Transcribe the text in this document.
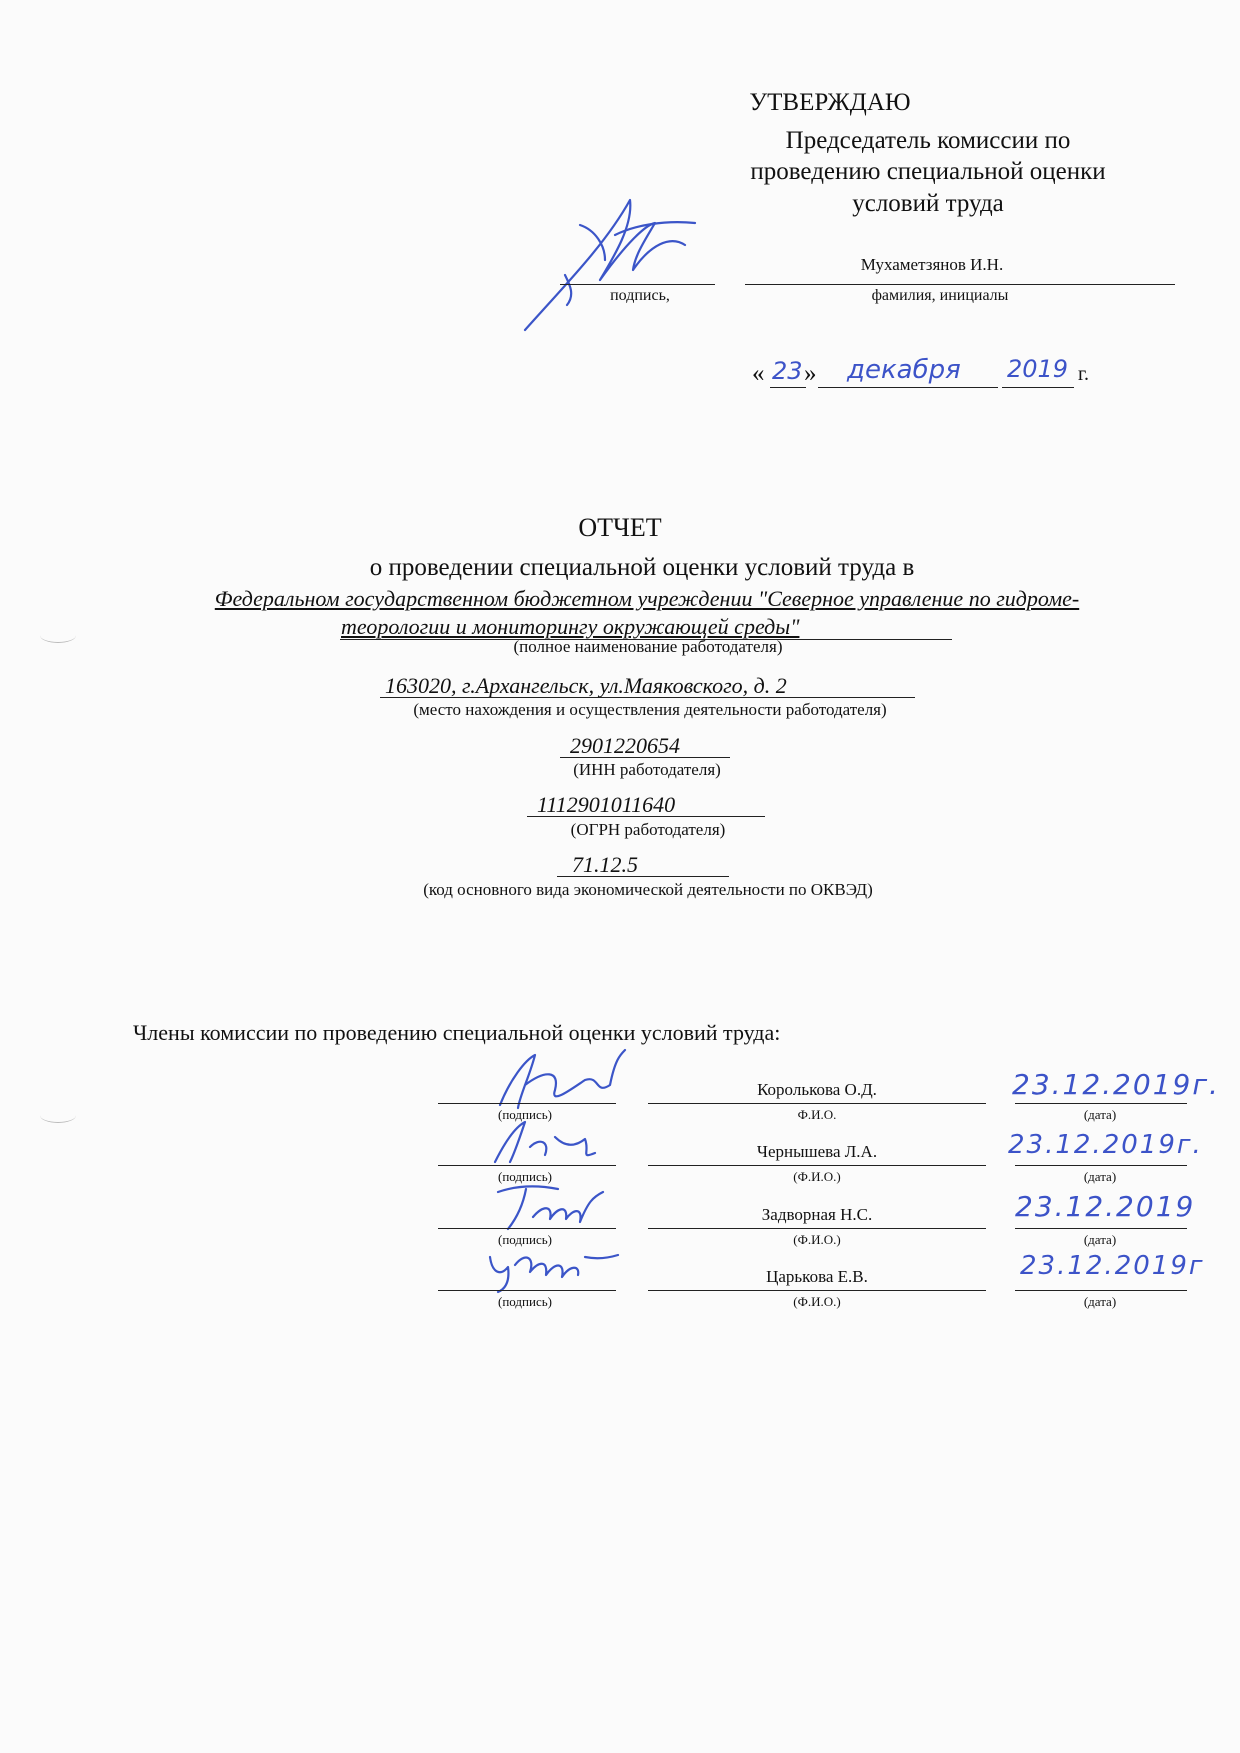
УТВЕРЖДАЮ
Председатель комиссии по
проведению специальной оценки
условий труда
Мухаметзянов И.Н.
подпись,	фамилия, инициалы
« 23 » декабря 2019 г.
ОТЧЕТ
о проведении специальной оценки условий труда в
Федеральном государственном бюджетном учреждении "Северное управление по гидроме-
теорологии и мониторингу окружающей среды"
(полное наименование работодателя)
163020, г.Архангельск, ул.Маяковского, д. 2
(место нахождения и осуществления деятельности работодателя)
2901220654
(ИНН работодателя)
1112901011640
(ОГРН работодателя)
71.12.5
(код основного вида экономической деятельности по ОКВЭД)
Члены комиссии по проведению специальной оценки условий труда:
Королькова О.Д.	23.12.2019г.
(подпись)	Ф.И.О.	(дата)
Чернышева Л.А.	23.12.2019г.
(подпись)	(Ф.И.О.)	(дата)
Задворная Н.С.	23.12.2019
(подпись)	(Ф.И.О.)	(дата)
Царькова Е.В.	23.12.2019г
(подпись)	(Ф.И.О.)	(дата)
